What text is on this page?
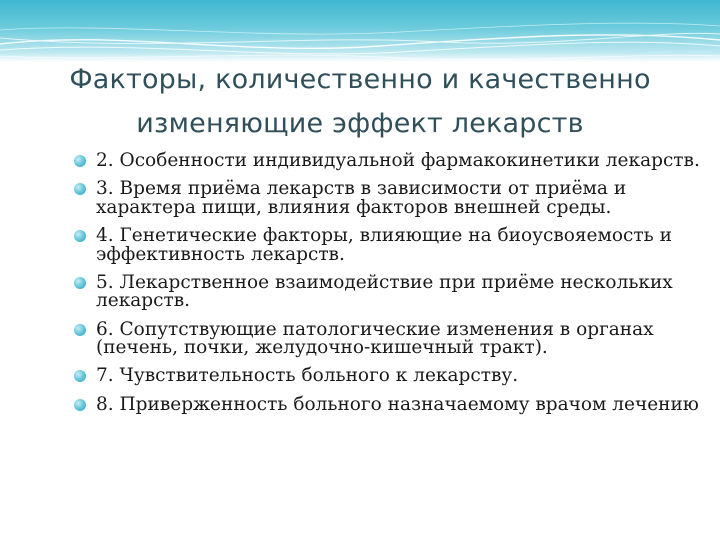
Факторы, количественно и качественно изменяющие эффект лекарств
2. Особенности индивидуальной фармакокинетики лекарств.
3. Время приёма лекарств в зависимости от приёма и характера пищи, влияния факторов внешней среды.
4. Генетические факторы, влияющие на биоусвояемость и эффективность лекарств.
5. Лекарственное взаимодействие при приёме нескольких лекарств.
6. Сопутствующие патологические изменения в органах (печень, почки, желудочно-кишечный тракт).
7. Чувствительность больного к лекарству.
8. Приверженность больного назначаемому врачом лечению
